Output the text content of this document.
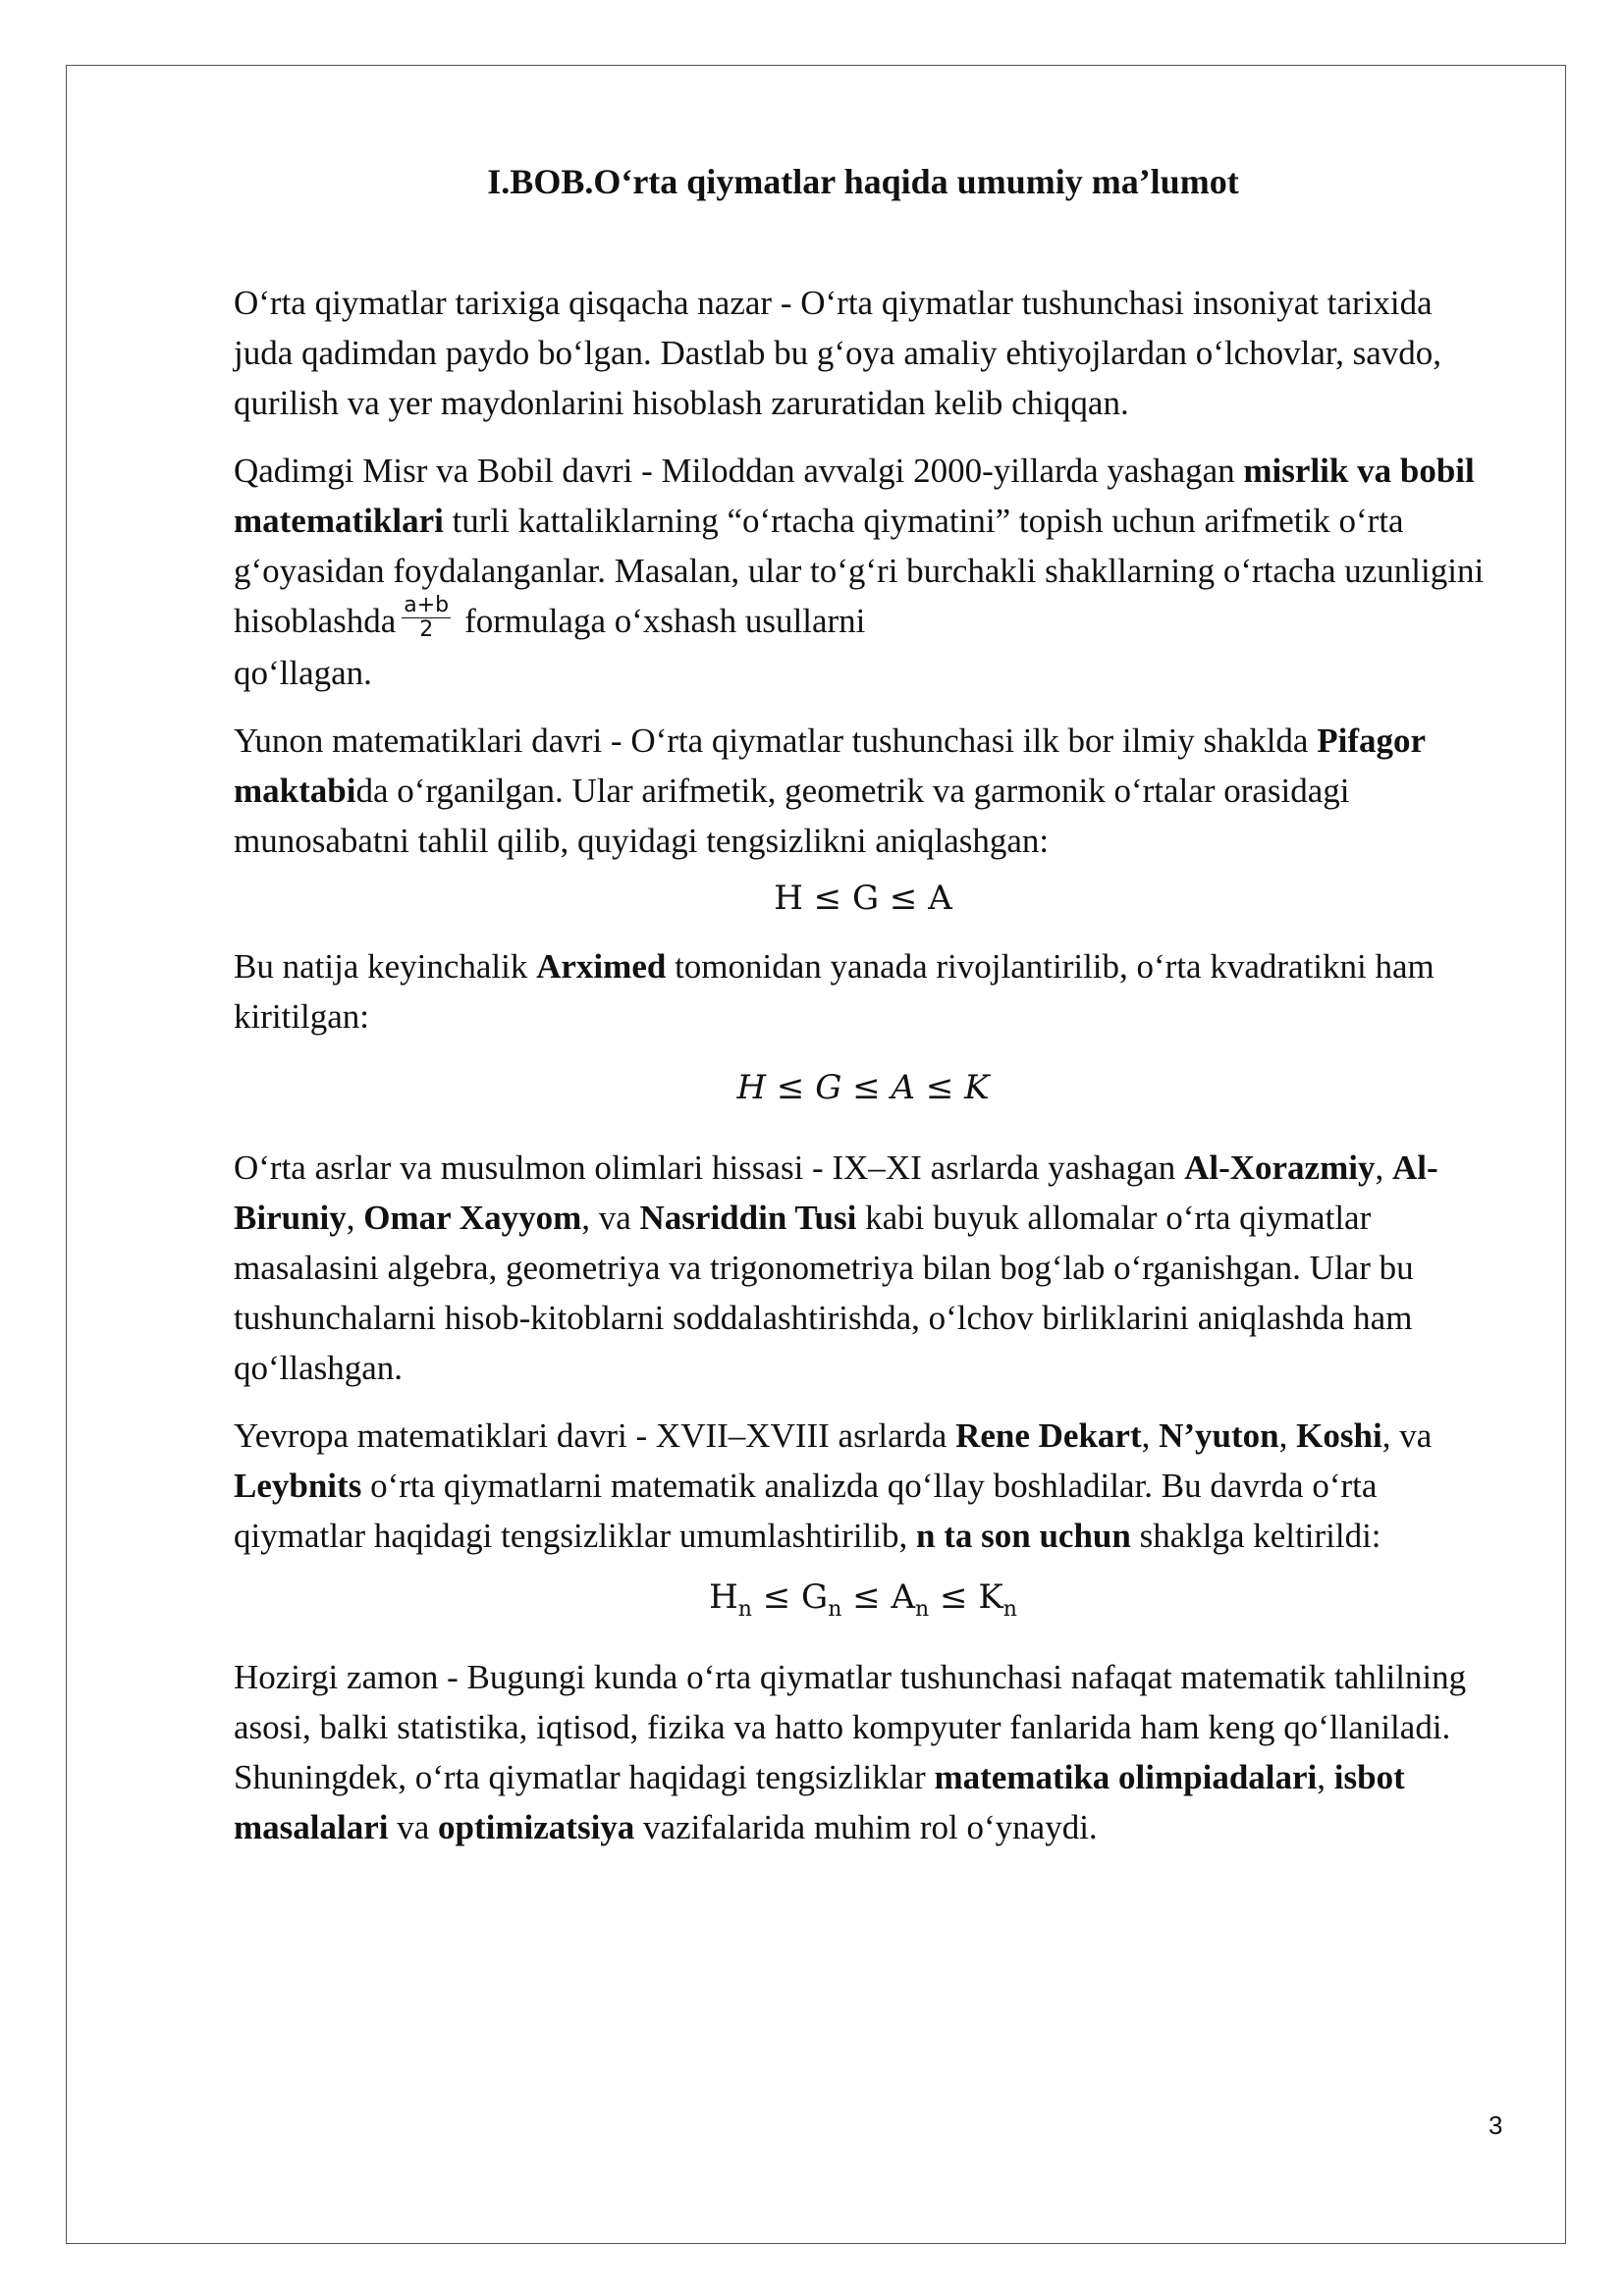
I.BOB.O‘rta qiymatlar haqida umumiy ma’lumot

O‘rta qiymatlar tarixiga qisqacha nazar - O‘rta qiymatlar tushunchasi insoniyat tarixida juda qadimdan paydo bo‘lgan. Dastlab bu g‘oya amaliy ehtiyojlardan o‘lchovlar, savdo, qurilish va yer maydonlarini hisoblash zaruratidan kelib chiqqan.

Qadimgi Misr va Bobil davri - Miloddan avvalgi 2000-yillarda yashagan misrlik va bobil matematiklari turli kattaliklarning “o‘rtacha qiymatini” topish uchun arifmetik o‘rta g‘oyasidan foydalanganlar. Masalan, ular to‘g‘ri burchakli shakllarning o‘rtacha uzunligini hisoblashda $\frac{a+b}{2}$ formulaga o‘xshash usullarni
qo‘llagan.

Yunon matematiklari davri - O‘rta qiymatlar tushunchasi ilk bor ilmiy shaklda Pifagor maktabida o‘rganilgan. Ular arifmetik, geometrik va garmonik o‘rtalar orasidagi munosabatni tahlil qilib, quyidagi tengsizlikni aniqlashgan:

H ≤ G ≤ A

Bu natija keyinchalik Arximed tomonidan yanada rivojlantirilib, o‘rta kvadratikni ham kiritilgan:

H ≤ G ≤ A ≤ K

O‘rta asrlar va musulmon olimlari hissasi - IX–XI asrlarda yashagan Al-Xorazmiy, Al-Biruniy, Omar Xayyom, va Nasriddin Tusi kabi buyuk allomalar o‘rta qiymatlar masalasini algebra, geometriya va trigonometriya bilan bog‘lab o‘rganishgan. Ular bu tushunchalarni hisob-kitoblarni soddalashtirishda, o‘lchov birliklarini aniqlashda ham qo‘llashgan.

Yevropa matematiklari davri - XVII–XVIII asrlarda Rene Dekart, N’yuton, Koshi, va Leybnits o‘rta qiymatlarni matematik analizda qo‘llay boshladilar. Bu davrda o‘rta qiymatlar haqidagi tengsizliklar umumlashtirilib, n ta son uchun shaklga keltirildi:

$H_n \le G_n \le A_n \le K_n$

Hozirgi zamon - Bugungi kunda o‘rta qiymatlar tushunchasi nafaqat matematik tahlilning asosi, balki statistika, iqtisod, fizika va hatto kompyuter fanlarida ham keng qo‘llaniladi. Shuningdek, o‘rta qiymatlar haqidagi tengsizliklar matematika olimpiadalari, isbot masalalari va optimizatsiya vazifalarida muhim rol o‘ynaydi.

3
